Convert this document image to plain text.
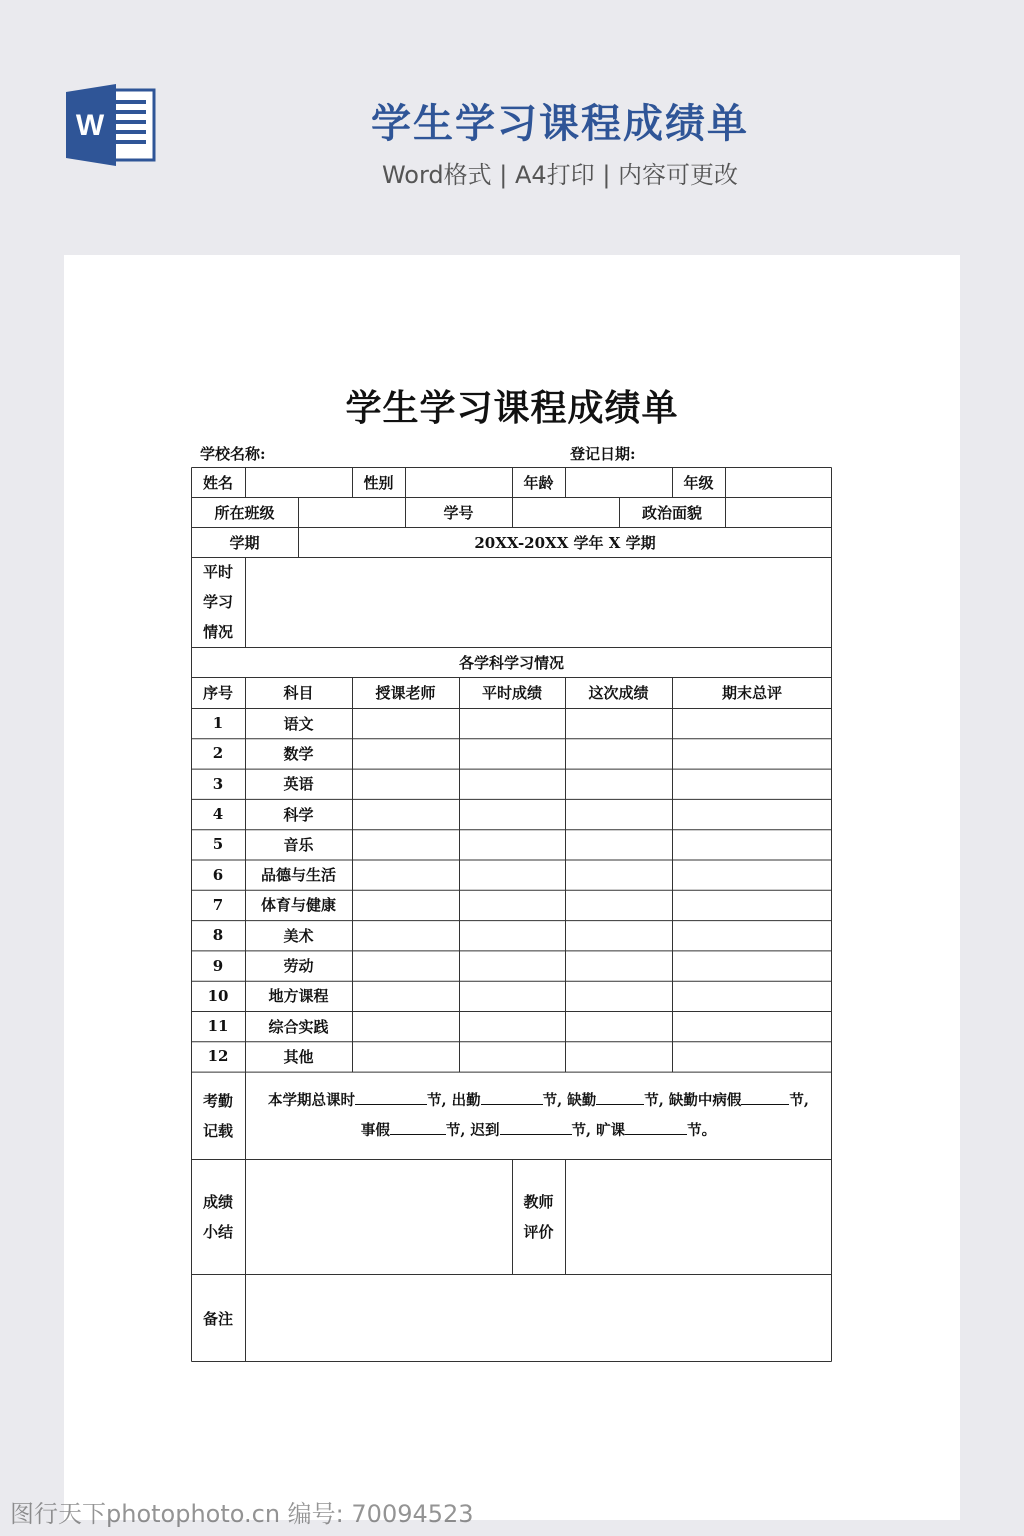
W	学生学习课程成绩单
Word格式 | A4打印 | 内容可更改
学生学习课程成绩单
学校名称:	登记日期:
姓名	性别	年龄	年级
所在班级	学号	政治面貌
学期	20XX-20XX 学年 X 学期
平时
学习
情况
各学科学习情况
序号	科目	授课老师	平时成绩	这次成绩	期末总评
1	语文
2	数学
3	英语
4	科学
5	音乐
6	品德与生活
7	体育与健康
8	美术
9	劳动
10	地方课程
11	综合实践
12	其他
考勤
记载
本学期总课时	节, 出勤	节, 缺勤	节, 缺勤中病假	节,
事假	节, 迟到	节, 旷课	节。
成绩
小结
教师
评价
备注
图行天下photophoto.cn 编号: 70094523
